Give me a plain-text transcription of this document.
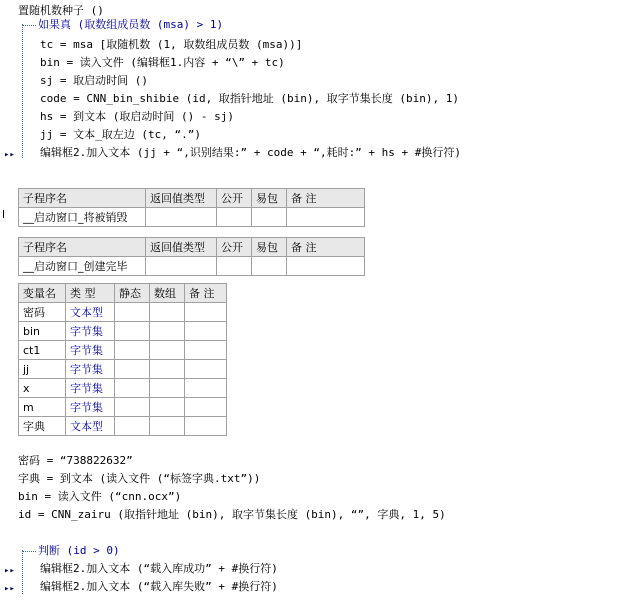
置随机数种子 ()
如果真 (取数组成员数 (msa) > 1)
tc = msa [取随机数 (1, 取数组成员数 (msa))]
bin = 读入文件 (编辑框1.内容 + “\” + tc)
sj = 取启动时间 ()
code = CNN_bin_shibie (id, 取指针地址 (bin), 取字节集长度 (bin), 1)
hs = 到文本 (取启动时间 () - sj)
jj = 文本_取左边 (tc, “.”)
▸▸ 编辑框2.加入文本 (jj + “,识别结果:” + code + “,耗时:” + hs + #换行符)
子程序名	返回值类型	公开	易包	备 注
__启动窗口_将被销毁				
子程序名	返回值类型	公开	易包	备 注
__启动窗口_创建完毕				
变量名	类 型	静态	数组	备 注
密码	文本型			
bin	字节集			
ct1	字节集			
jj	字节集			
x	字节集			
m	字节集			
字典	文本型			
密码 = “738822632”
字典 = 到文本 (读入文件 (“标签字典.txt”))
bin = 读入文件 (“cnn.ocx”)
id = CNN_zairu (取指针地址 (bin), 取字节集长度 (bin), “”, 字典, 1, 5)
判断 (id > 0)
▸▸ 编辑框2.加入文本 (“载入库成功” + #换行符)
▸▸ 编辑框2.加入文本 (“载入库失败” + #换行符)
